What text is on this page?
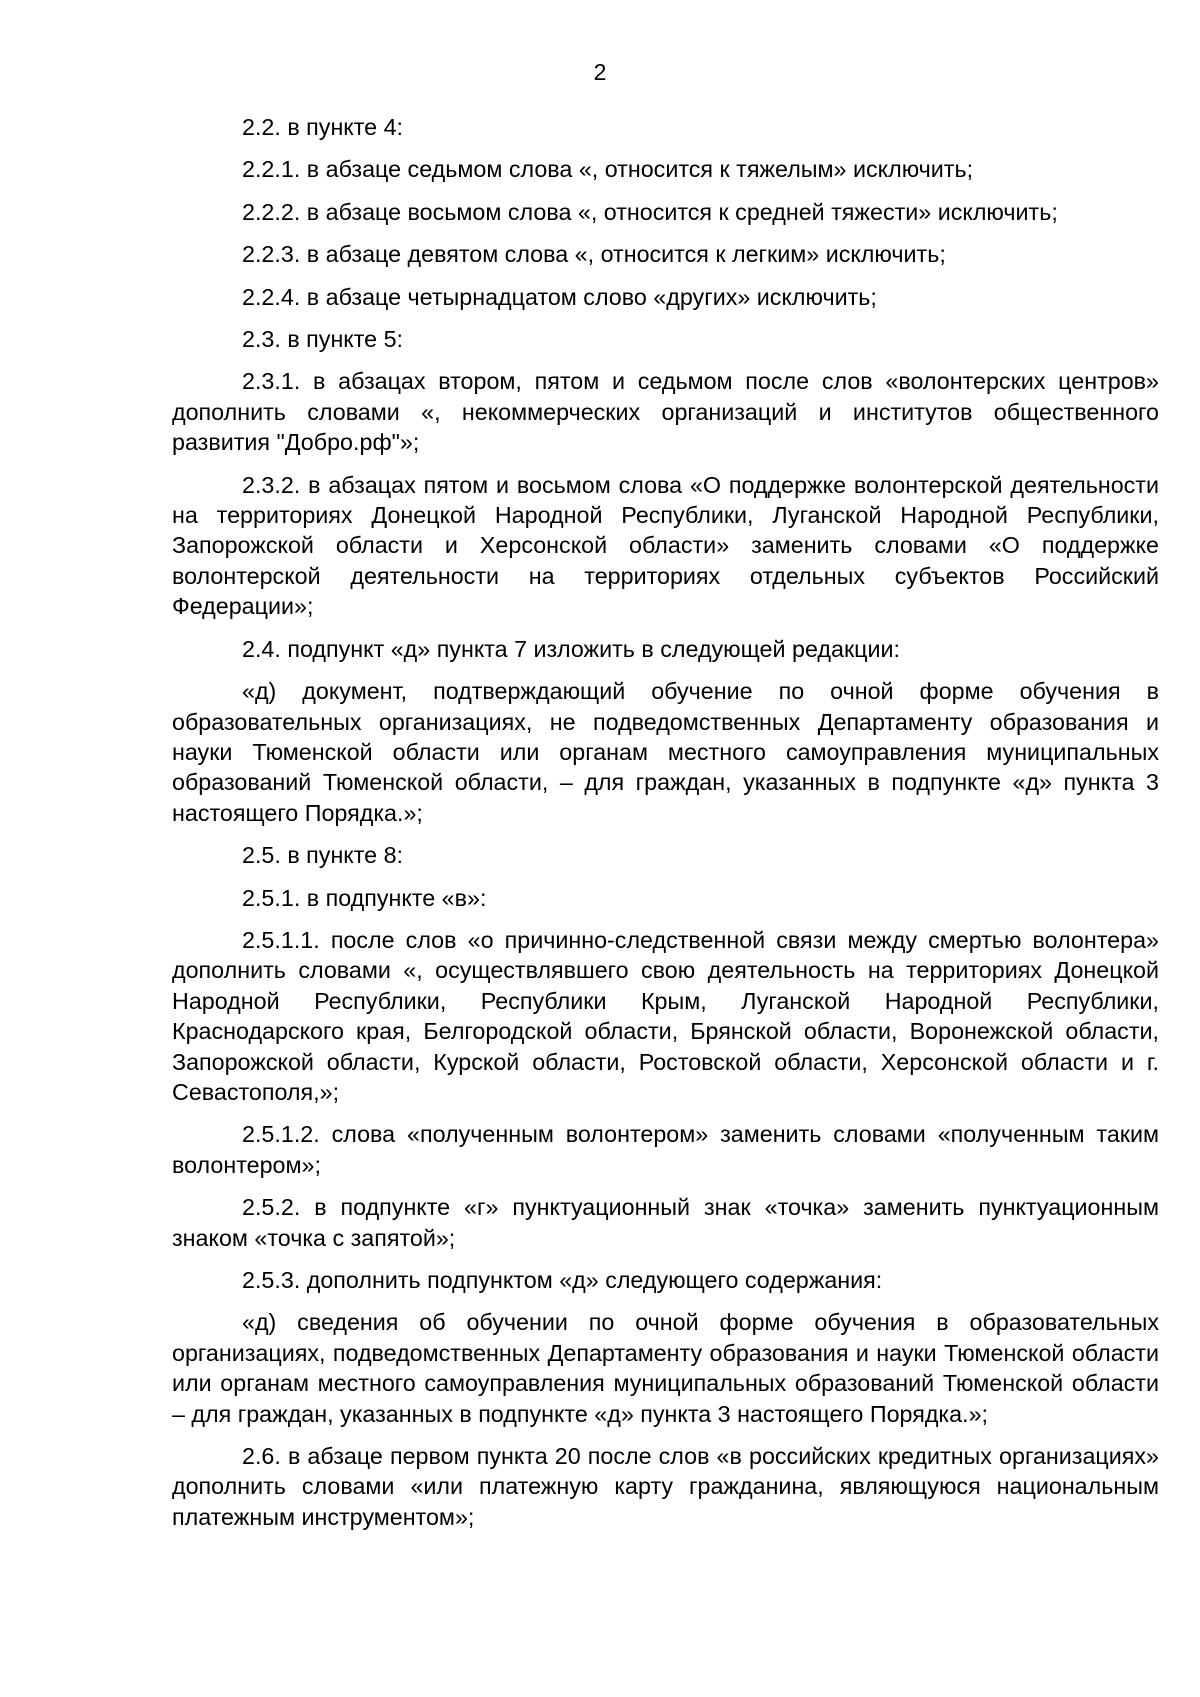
2

2.2. в пункте 4:

2.2.1. в абзаце седьмом слова «, относится к тяжелым» исключить;

2.2.2. в абзаце восьмом слова «, относится к средней тяжести» исключить;

2.2.3. в абзаце девятом слова «, относится к легким» исключить;

2.2.4. в абзаце четырнадцатом слово «других» исключить;

2.3. в пункте 5:

2.3.1. в абзацах втором, пятом и седьмом после слов «волонтерских центров» дополнить словами «, некоммерческих организаций и институтов общественного развития "Добро.рф"»;

2.3.2. в абзацах пятом и восьмом слова «О поддержке волонтерской деятельности на территориях Донецкой Народной Республики, Луганской Народной Республики, Запорожской области и Херсонской области» заменить словами «О поддержке волонтерской деятельности на территориях отдельных субъектов Российский Федерации»;

2.4. подпункт «д» пункта 7 изложить в следующей редакции:

«д) документ, подтверждающий обучение по очной форме обучения в образовательных организациях, не подведомственных Департаменту образования и науки Тюменской области или органам местного самоуправления муниципальных образований Тюменской области, – для граждан, указанных в подпункте «д» пункта 3 настоящего Порядка.»;

2.5. в пункте 8:

2.5.1. в подпункте «в»:

2.5.1.1. после слов «о причинно-следственной связи между смертью волонтера» дополнить словами «, осуществлявшего свою деятельность на территориях Донецкой Народной Республики, Республики Крым, Луганской Народной Республики, Краснодарского края, Белгородской области, Брянской области, Воронежской области, Запорожской области, Курской области, Ростовской области, Херсонской области и г. Севастополя,»;

2.5.1.2. слова «полученным волонтером» заменить словами «полученным таким волонтером»;

2.5.2. в подпункте «г» пунктуационный знак «точка» заменить пунктуационным знаком «точка с запятой»;

2.5.3. дополнить подпунктом «д» следующего содержания:

«д) сведения об обучении по очной форме обучения в образовательных организациях, подведомственных Департаменту образования и науки Тюменской области или органам местного самоуправления муниципальных образований Тюменской области – для граждан, указанных в подпункте «д» пункта 3 настоящего Порядка.»;

2.6. в абзаце первом пункта 20 после слов «в российских кредитных организациях» дополнить словами «или платежную карту гражданина, являющуюся национальным платежным инструментом»;
